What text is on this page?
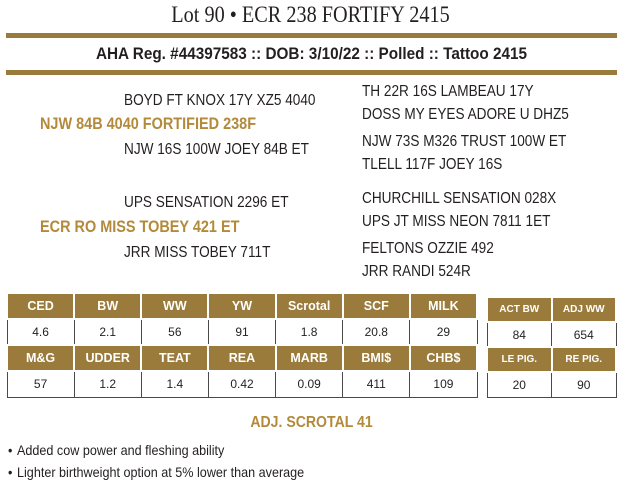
Lot 90 • ECR 238 FORTIFY 2415
AHA Reg. #44397583 :: DOB: 3/10/22 :: Polled :: Tattoo 2415
BOYD FT KNOX 17Y XZ5 4040
NJW 84B 4040 FORTIFIED 238F
NJW 16S 100W JOEY 84B ET
TH 22R 16S LAMBEAU 17Y
DOSS MY EYES ADORE U DHZ5
NJW 73S M326 TRUST 100W ET
TLELL 117F JOEY 16S
UPS SENSATION 2296 ET
ECR RO MISS TOBEY 421 ET
JRR MISS TOBEY 711T
CHURCHILL SENSATION 028X
UPS JT MISS NEON 7811 1ET
FELTONS OZZIE 492
JRR RANDI 524R
CED	BW	WW	YW	Scrotal	SCF	MILK
4.6	2.1	56	91	1.8	20.8	29
M&G	UDDER	TEAT	REA	MARB	BMI$	CHB$
57	1.2	1.4	0.42	0.09	411	109
ACT BW	ADJ WW
84	654
LE PIG.	RE PIG.
20	90
ADJ. SCROTAL 41
• Added cow power and fleshing ability
• Lighter birthweight option at 5% lower than average
